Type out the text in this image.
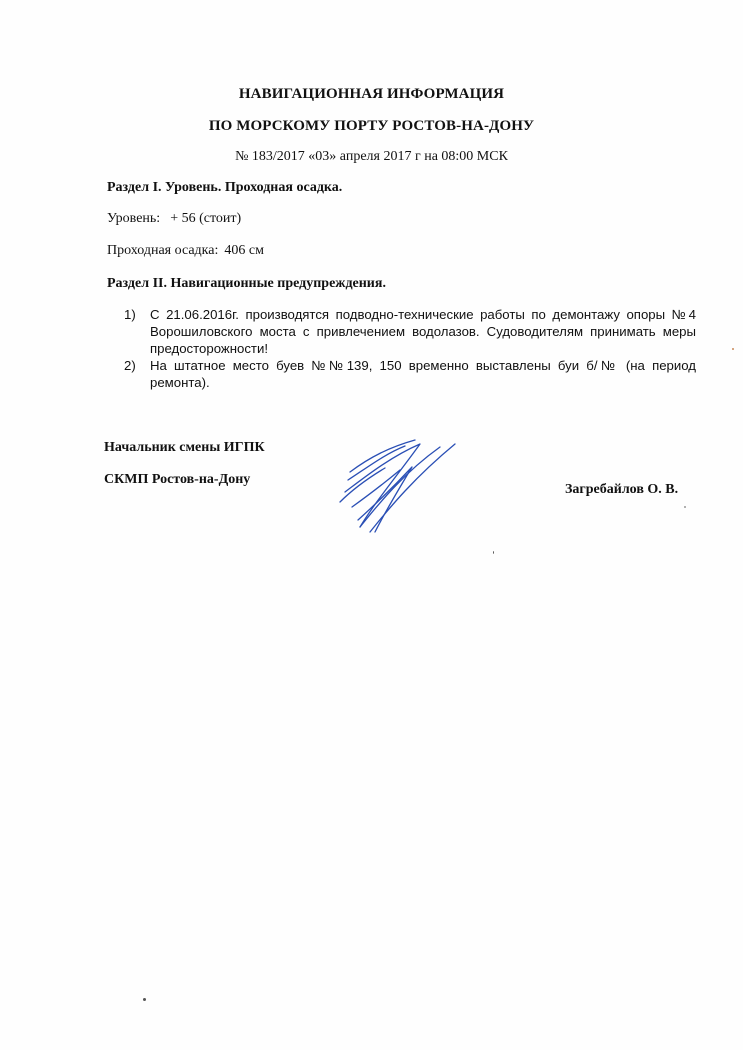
НАВИГАЦИОННАЯ ИНФОРМАЦИЯ
ПО МОРСКОМУ ПОРТУ РОСТОВ-НА-ДОНУ
№ 183/2017 «03» апреля 2017 г на 08:00 МСК
Раздел I. Уровень. Проходная осадка.
Уровень: + 56 (стоит)
Проходная осадка: 406 см
Раздел II. Навигационные предупреждения.
1)	С 21.06.2016г. производятся подводно-технические работы по демонтажу опоры №4 Ворошиловского моста с привлечением водолазов. Судоводителям принимать меры предосторожности!
2)	На штатное место буев №№139, 150 временно выставлены буи б/№ (на период ремонта).
Начальник смены ИГПК
СКМП Ростов-на-Дону
Загребайлов О. В.
